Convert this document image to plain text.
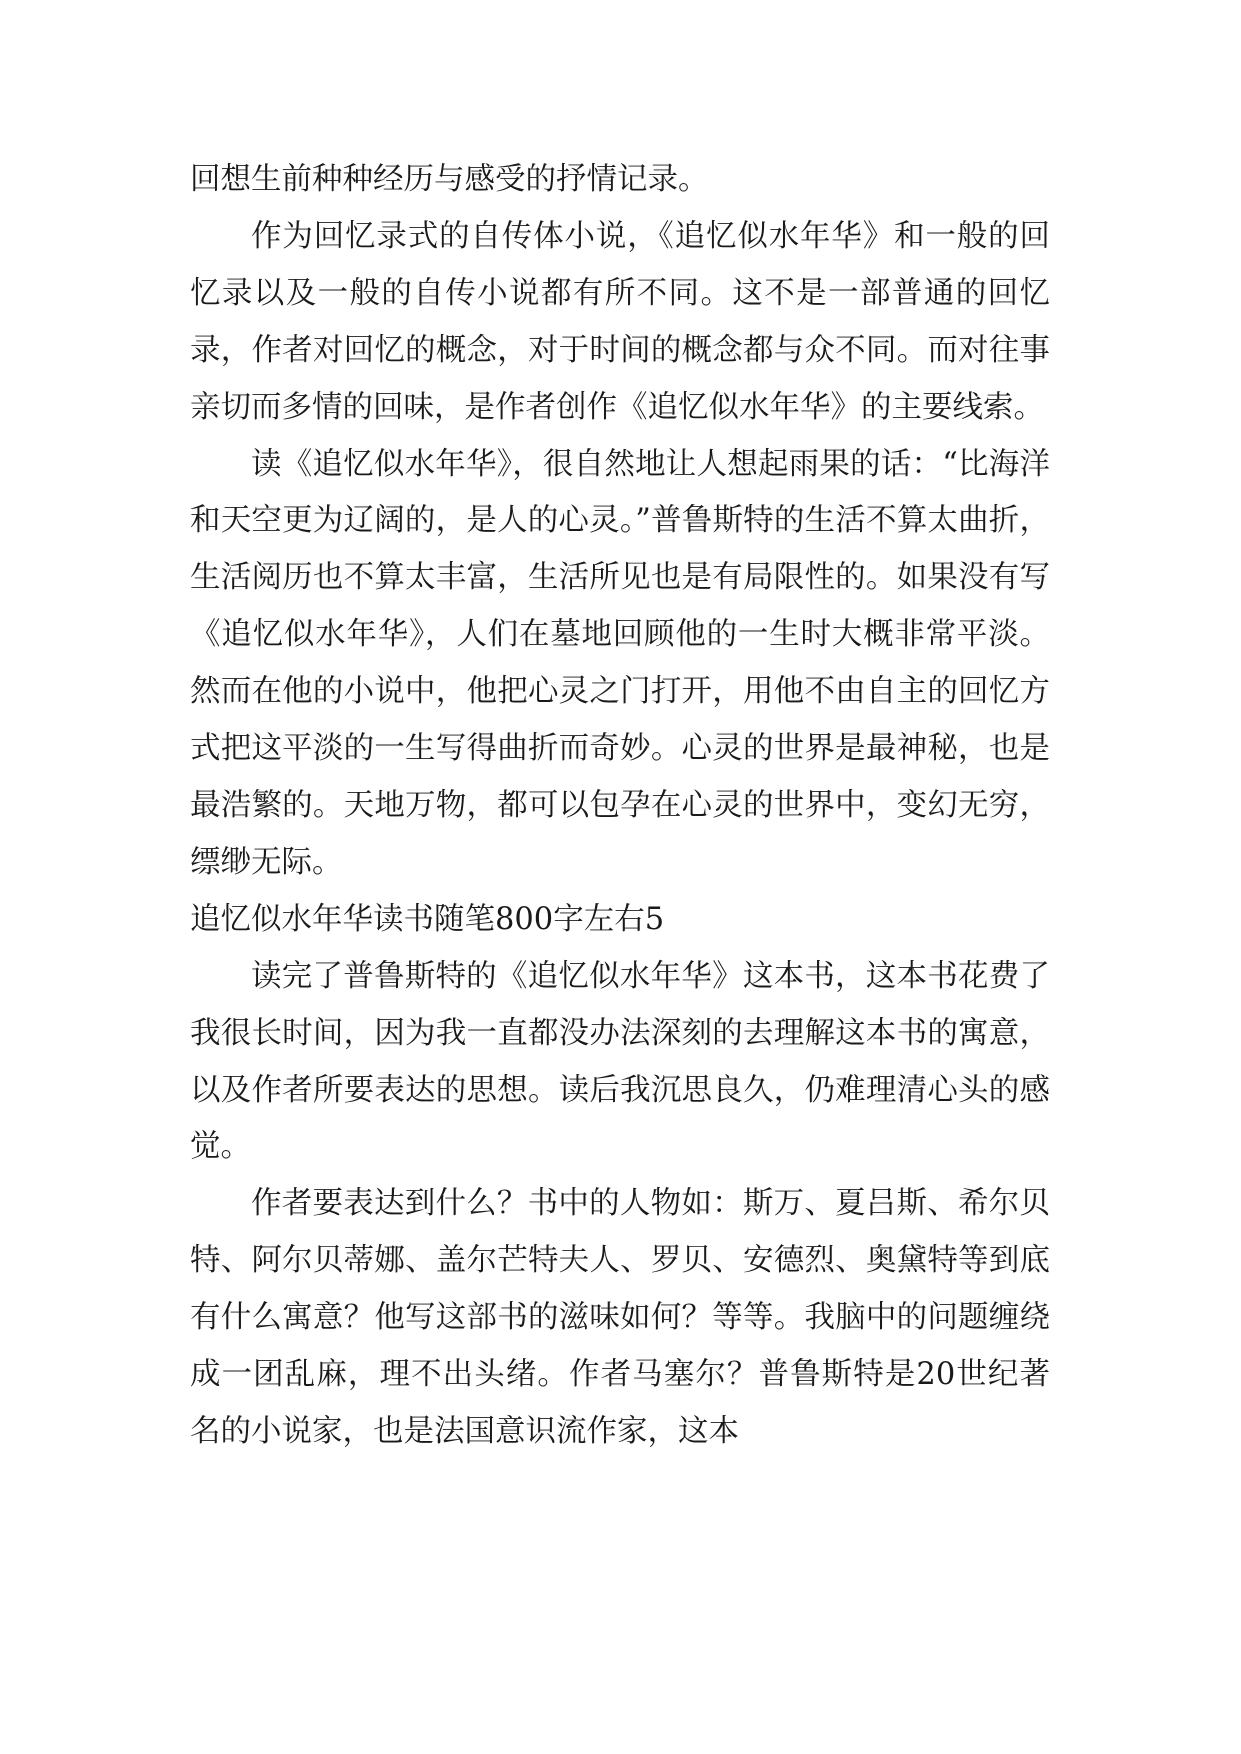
回想生前种种经历与感受的抒情记录。

作为回忆录式的自传体小说，《追忆似水年华》和一般的回忆录以及一般的自传小说都有所不同。这不是一部普通的回忆录，作者对回忆的概念，对于时间的概念都与众不同。而对往事亲切而多情的回味，是作者创作《追忆似水年华》的主要线索。

读《追忆似水年华》，很自然地让人想起雨果的话：“比海洋和天空更为辽阔的，是人的心灵。”普鲁斯特的生活不算太曲折，生活阅历也不算太丰富，生活所见也是有局限性的。如果没有写《追忆似水年华》，人们在墓地回顾他的一生时大概非常平淡。然而在他的小说中，他把心灵之门打开，用他不由自主的回忆方式把这平淡的一生写得曲折而奇妙。心灵的世界是最神秘，也是最浩繁的。天地万物，都可以包孕在心灵的世界中，变幻无穷，缥缈无际。

追忆似水年华读书随笔800字左右5

读完了普鲁斯特的《追忆似水年华》这本书，这本书花费了我很长时间，因为我一直都没办法深刻的去理解这本书的寓意，以及作者所要表达的思想。读后我沉思良久，仍难理清心头的感觉。

作者要表达到什么？书中的人物如：斯万、夏吕斯、希尔贝特、阿尔贝蒂娜、盖尔芒特夫人、罗贝、安德烈、奥黛特等到底有什么寓意？他写这部书的滋味如何？等等。我脑中的问题缠绕成一团乱麻，理不出头绪。作者马塞尔？普鲁斯特是20世纪著名的小说家，也是法国意识流作家，这本
